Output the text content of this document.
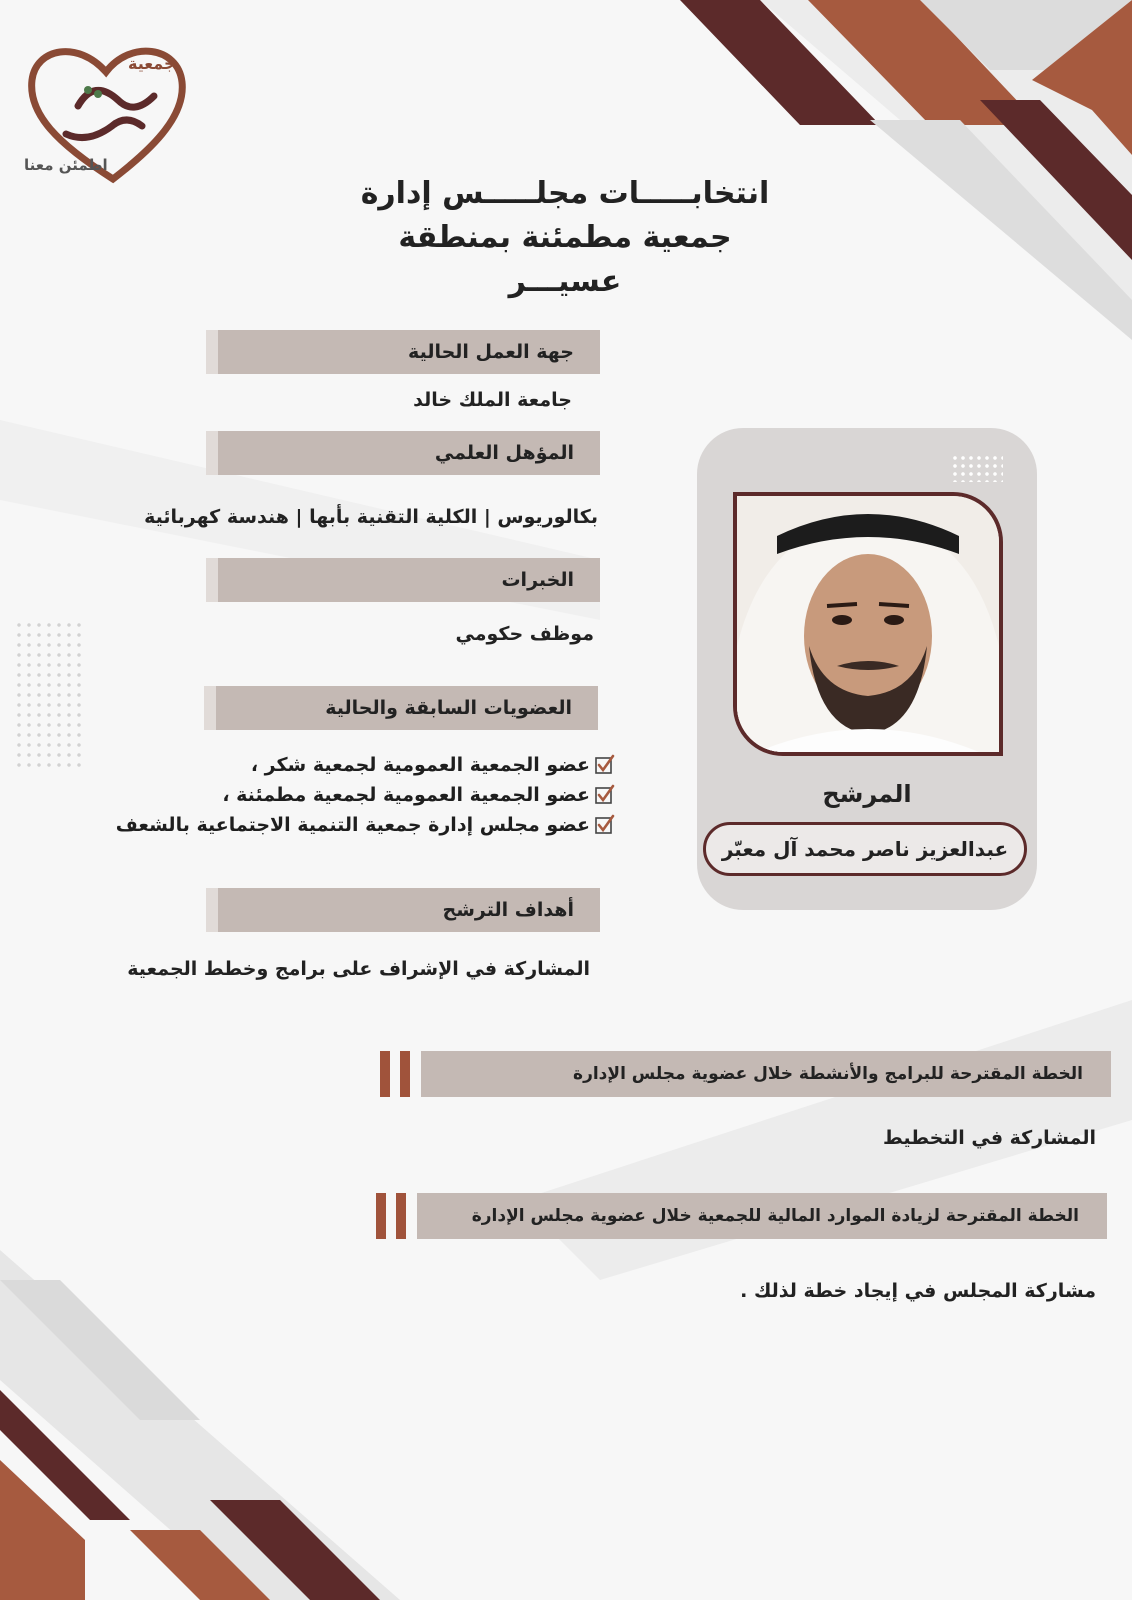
جمعية
اطمئن معنا
انتخابـــــات مجلـــــس إدارة
جمعية مطمئنة بمنطقة عسيـــر
جهة العمل الحالية
جامعة الملك خالد
المؤهل العلمي
بكالوريوس | الكلية التقنية بأبها | هندسة كهربائية
الخبرات
موظف حكومي
العضويات السابقة والحالية
عضو الجمعية العمومية لجمعية شكر ،
عضو الجمعية العمومية لجمعية مطمئنة ،
عضو مجلس إدارة جمعية التنمية الاجتماعية بالشعف
أهداف الترشح
المشاركة في الإشراف على برامج وخطط الجمعية
الخطة المقترحة للبرامج والأنشطة خلال عضوية مجلس الإدارة
المشاركة في التخطيط
الخطة المقترحة لزيادة الموارد المالية للجمعية خلال عضوية مجلس الإدارة
مشاركة المجلس في إيجاد خطة لذلك .
المرشح
عبدالعزيز ناصر محمد آل معبّر
